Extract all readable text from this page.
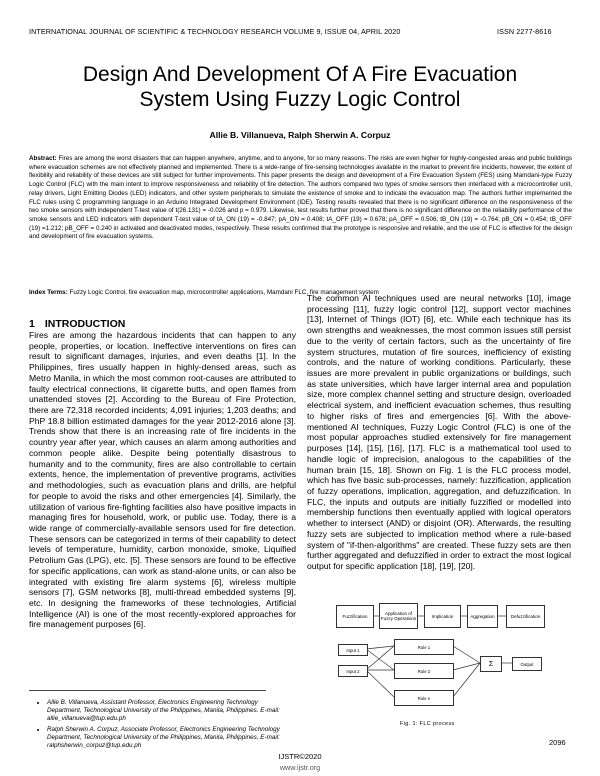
INTERNATIONAL JOURNAL OF SCIENTIFIC & TECHNOLOGY RESEARCH VOLUME 9, ISSUE 04, APRIL 2020	ISSN 2277-8616
Design And Development Of A Fire Evacuation
System Using Fuzzy Logic Control
Allie B. Villanueva, Ralph Sherwin A. Corpuz
Abstract: Fires are among the worst disasters that can happen anywhere, anytime, and to anyone, for so many reasons. The risks are even higher for highly-congested areas and public buildings where evacuation schemes are not effectively planned and implemented. There is a wide-range of fire-sensing technologies available in the market to prevent fire incidents, however, the extent of flexibility and reliability of these devices are still subject for further improvements. This paper presents the design and development of a Fire Evacuation System (FES) using Mamdani-type Fuzzy Logic Control (FLC) with the main intent to improve responsiveness and reliability of fire detection. The authors compared two types of smoke sensors then interfaced with a microcontroller unit, relay drivers, Light Emitting Diodes (LED) indicators, and other system peripherals to simulate the existence of smoke and to indicate the evacuation map. The authors further implemented the FLC rules using C programming language in an Arduino Integrated Development Environment (IDE). Testing results revealed that there is no significant difference on the responsiveness of the two smoke sensors with independent T-test value of t(26.131) = -0.026 and p = 0.979. Likewise, test results further proved that there is no significant difference on the reliability performance of the smoke sensors and LED indicators with dependent T-test value of tA_ON (19) = -0.847; pA_ON = 0.408; tA_OFF (19) = 0.678; pA_OFF = 0.506; tB_ON (19) = -0.764; pB_ON = 0.454; tB_OFF (19) =1.212; pB_OFF = 0.240 in activated and deactivated modes, respectively. These results confirmed that the prototype is responsive and reliable, and the use of FLC is effective for the design and development of fire evacuation systems.
Index Terms: Fuzzy Logic Control, fire evacuation map, microcontroller applications, Mamdani FLC, fire management system
1 INTRODUCTION
Fires are among the hazardous incidents that can happen to any people, properties, or location. Ineffective interventions on fires can result to significant damages, injuries, and even deaths [1]. In the Philippines, fires usually happen in highly-densed areas, such as Metro Manila, in which the most common root-causes are attributed to faulty electrical connections, lit cigarette butts, and open flames from unattended stoves [2]. According to the Bureau of Fire Protection, there are 72,318 recorded incidents; 4,091 injuries; 1,203 deaths; and PhP 18.8 billion estimated damages for the year 2012-2016 alone [3]. Trends show that there is an increasing rate of fire incidents in the country year after year, which causes an alarm among authorities and common people alike. Despite being potentially disastrous to humanity and to the community, fires are also controllable to certain extents, hence, the implementation of preventive programs, activities and methodologies, such as evacuation plans and drills, are helpful for people to avoid the risks and other emergencies [4]. Similarly, the utilization of various fire-fighting facilities also have positive impacts in managing fires for household, work, or public use. Today, there is a wide range of commercially-available sensors used for fire detection. These sensors can be categorized in terms of their capability to detect levels of temperature, humidity, carbon monoxide, smoke, Liquified Petrolium Gas (LPG), etc. [5]. These sensors are found to be effective for specific applications, can work as stand-alone units, or can also be integrated with existing fire alarm systems [6], wireless multiple sensors [7], GSM networks [8], multi-thread embedded systems [9], etc. In designing the frameworks of these technologies, Artificial Intelligence (AI) is one of the most recently-explored approaches for fire management purposes [6].
The common AI techniques used are neural networks [10], image processing [11], fuzzy logic control [12], support vector machines [13], Internet of Things (IOT) [6], etc. While each technique has its own strengths and weaknesses, the most common issues still persist due to the verity of certain factors, such as the uncertainty of fire system structures, mutation of fire sources, inefficiency of existing controls, and the nature of working conditions. Particularly, these issues are more prevalent in public organizations or buildings, such as state universities, which have larger internal area and population size, more complex channel setting and structure design, overloaded electrical system, and inefficient evacuation schemes, thus resulting to higher risks of fires and emergencies [6]. With the above-mentioned AI techniques, Fuzzy Logic Control (FLC) is one of the most popular approaches studied extensively for fire management purposes [14], [15], [16], [17]. FLC is a mathematical tool used to handle logic of imprecision, analogous to the capabilities of the human brain [15, 18]. Shown on Fig. 1 is the FLC process model, which has five basic sub-processes, namely: fuzzification, application of fuzzy operations, implication, aggregation, and defuzzification. In FLC, the inputs and outputs are initially fuzzified or modelled into membership functions then eventually applied with logical operators whether to intersect (AND) or disjoint (OR). Afterwards, the resulting fuzzy sets are subjected to implication method where a rule-based system of "if-then-algorithms" are created. These fuzzy sets are then further aggregated and defuzzified in order to extract the most logical output for specific application [18], [19], [20].
Fuzzification
Application of Fuzzy Operations	Implication	Aggregation	Defuzzification
Input 1
Input 2
Rule 1
Rule 2
Rule n
Σ	Output
Fig. 1: FLC process
• Allie B. Villanueva, Assistant Professor, Electronics Engineering Technology Department, Technological University of the Philippines, Manila, Philippines. E-mail: allie_villanueva@tup.edu.ph
• Ralph Sherwin A. Corpuz, Associate Professor, Electronics Engineering Technology Department, Technological University of the Philippines, Manila, Philippines. E-mail: ralphsherwin_corpuz@tup.edu.ph	2096
IJSTR©2020
www.ijstr.org
